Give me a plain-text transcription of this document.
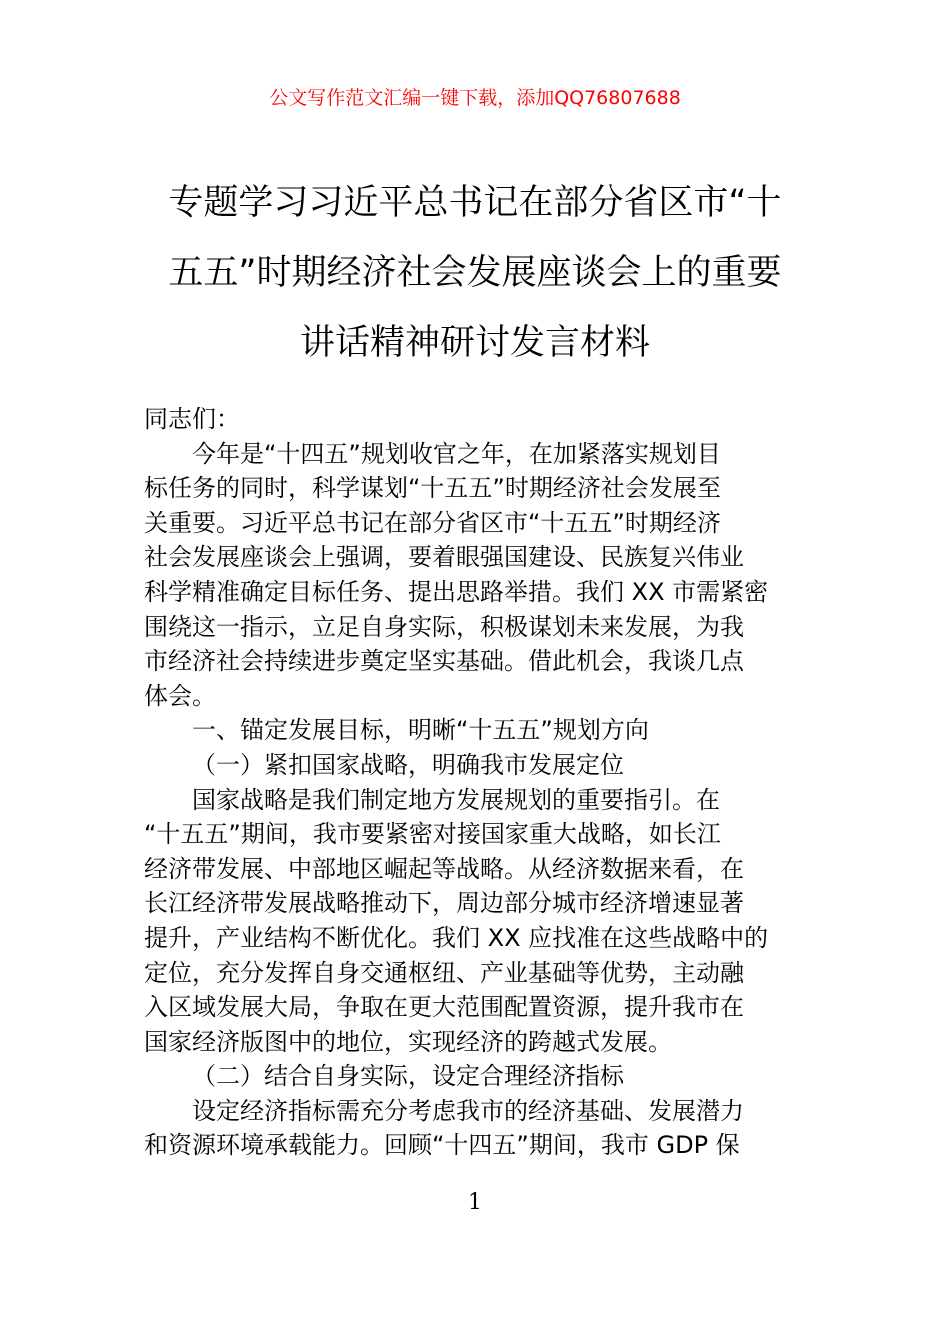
公文写作范文汇编一键下载，添加QQ76807688
专题学习习近平总书记在部分省区市“十
五五”时期经济社会发展座谈会上的重要
讲话精神研讨发言材料
同志们：
今年是“十四五”规划收官之年，在加紧落实规划目
标任务的同时，科学谋划“十五五”时期经济社会发展至
关重要。习近平总书记在部分省区市“十五五”时期经济
社会发展座谈会上强调，要着眼强国建设、民族复兴伟业
科学精准确定目标任务、提出思路举措。我们 XX 市需紧密
围绕这一指示，立足自身实际，积极谋划未来发展，为我
市经济社会持续进步奠定坚实基础。借此机会，我谈几点
体会。
一、锚定发展目标，明晰“十五五”规划方向
（一）紧扣国家战略，明确我市发展定位
国家战略是我们制定地方发展规划的重要指引。在
“十五五”期间，我市要紧密对接国家重大战略，如长江
经济带发展、中部地区崛起等战略。从经济数据来看，在
长江经济带发展战略推动下，周边部分城市经济增速显著
提升，产业结构不断优化。我们 XX 应找准在这些战略中的
定位，充分发挥自身交通枢纽、产业基础等优势，主动融
入区域发展大局，争取在更大范围配置资源，提升我市在
国家经济版图中的地位，实现经济的跨越式发展。
（二）结合自身实际，设定合理经济指标
设定经济指标需充分考虑我市的经济基础、发展潜力
和资源环境承载能力。回顾“十四五”期间，我市 GDP 保
1
